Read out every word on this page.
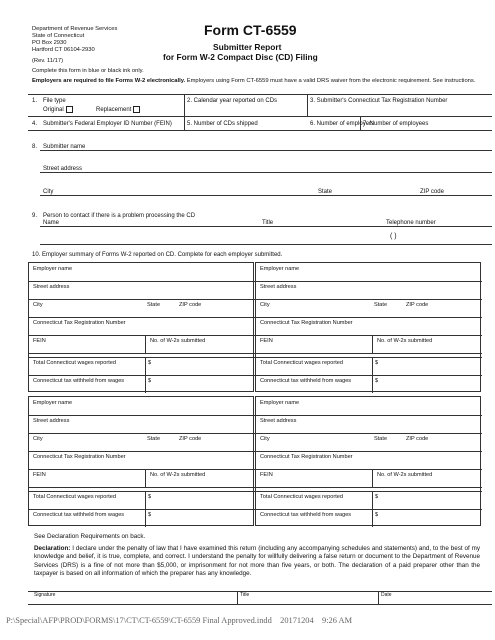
Department of Revenue Services
State of Connecticut
PO Box 2930
Hartford CT 06104-2930
(Rev. 11/17)
Form CT-6559
Submitter Report
for Form W-2 Compact Disc (CD) Filing
Complete this form in blue or black ink only.
Employers are required to file Forms W-2 electronically. Employers using Form CT-6559 must have a valid DRS waiver from the electronic requirement. See instructions.
1. File type
Original	Replacement
2. Calendar year reported on CDs	3. Submitter's Connecticut Tax Registration Number
4. Submitter's Federal Employer ID Number (FEIN)	5. Number of CDs shipped	6. Number of employers
7. Number of employees
8. Submitter name
Street address
City	State	ZIP code
9. Person to contact if there is a problem processing the CD
Name	Title	Telephone number
( )
10. Employer summary of Forms W-2 reported on CD. Complete for each employer submitted.
Employer name
Street address
City	State	ZIP code
Connecticut Tax Registration Number
FEIN	No. of W-2s submitted
Total Connecticut wages reported	$
Connecticut tax withheld from wages	$
Employer name
Street address
City	State	ZIP code
Connecticut Tax Registration Number
FEIN	No. of W-2s submitted
Total Connecticut wages reported	$
Connecticut tax withheld from wages	$
Employer name
Street address
City	State	ZIP code
Connecticut Tax Registration Number
FEIN	No. of W-2s submitted
Total Connecticut wages reported	$
Connecticut tax withheld from wages	$
Employer name
Street address
City	State	ZIP code
Connecticut Tax Registration Number
FEIN	No. of W-2s submitted
Total Connecticut wages reported	$
Connecticut tax withheld from wages	$
See Declaration Requirements on back.
Declaration: I declare under the penalty of law that I have examined this return (including any accompanying schedules and statements) and, to the best of my knowledge and belief, it is true, complete, and correct. I understand the penalty for willfully delivering a false return or document to the Department of Revenue Services (DRS) is a fine of not more than $5,000, or imprisonment for not more than five years, or both. The declaration of a paid preparer other than the taxpayer is based on all information of which the preparer has any knowledge.
Signature	Title	Date
P:\Special\AFP\PROD\FORMS\17\CT\CT-6559\CT-6559 Final Approved.indd    20171204    9:26 AM
